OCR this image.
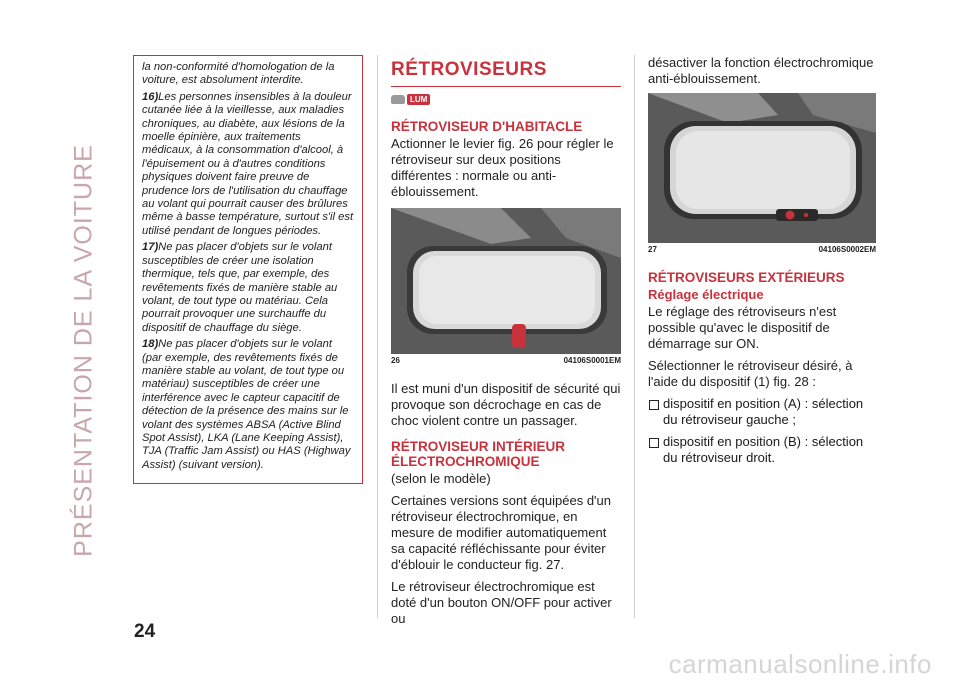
PRÉSENTATION DE LA VOITURE

la non-conformité d'homologation de la voiture, est absolument interdite.

16)Les personnes insensibles à la douleur cutanée liée à la vieillesse, aux maladies chroniques, au diabète, aux lésions de la moelle épinière, aux traitements médicaux, à la consommation d'alcool, à l'épuisement ou à d'autres conditions physiques doivent faire preuve de prudence lors de l'utilisation du chauffage au volant qui pourrait causer des brûlures même à basse température, surtout s'il est utilisé pendant de longues périodes.

17)Ne pas placer d'objets sur le volant susceptibles de créer une isolation thermique, tels que, par exemple, des revêtements fixés de manière stable au volant, de tout type ou matériau. Cela pourrait provoquer une surchauffe du dispositif de chauffage du siège.

18)Ne pas placer d'objets sur le volant (par exemple, des revêtements fixés de manière stable au volant, de tout type ou matériau) susceptibles de créer une interférence avec le capteur capacitif de détection de la présence des mains sur le volant des systèmes ABSA (Active Blind Spot Assist), LKA (Lane Keeping Assist), TJA (Traffic Jam Assist) ou HAS (Highway Assist) (suivant version).

24
RÉTROVISEURS
LUM
RÉTROVISEUR D'HABITACLE

Actionner le levier fig. 26 pour régler le rétroviseur sur deux positions différentes : normale ou anti-éblouissement.

26	04106S0001EM

Il est muni d'un dispositif de sécurité qui provoque son décrochage en cas de choc violent contre un passager.

RÉTROVISEUR INTÉRIEUR ÉLECTROCHROMIQUE

(selon le modèle)

Certaines versions sont équipées d'un rétroviseur électrochromique, en mesure de modifier automatiquement sa capacité réfléchissante pour éviter d'éblouir le conducteur fig. 27.

Le rétroviseur électrochromique est doté d'un bouton ON/OFF pour activer ou

désactiver la fonction électrochromique anti-éblouissement.

27	04106S0002EM
RÉTROVISEURS EXTÉRIEURS
Réglage électrique

Le réglage des rétroviseurs n'est possible qu'avec le dispositif de démarrage sur ON.

Sélectionner le rétroviseur désiré, à l'aide du dispositif (1) fig. 28 :

dispositif en position (A) : sélection du rétroviseur gauche ;
dispositif en position (B) : sélection du rétroviseur droit.
carmanualsonline.info
